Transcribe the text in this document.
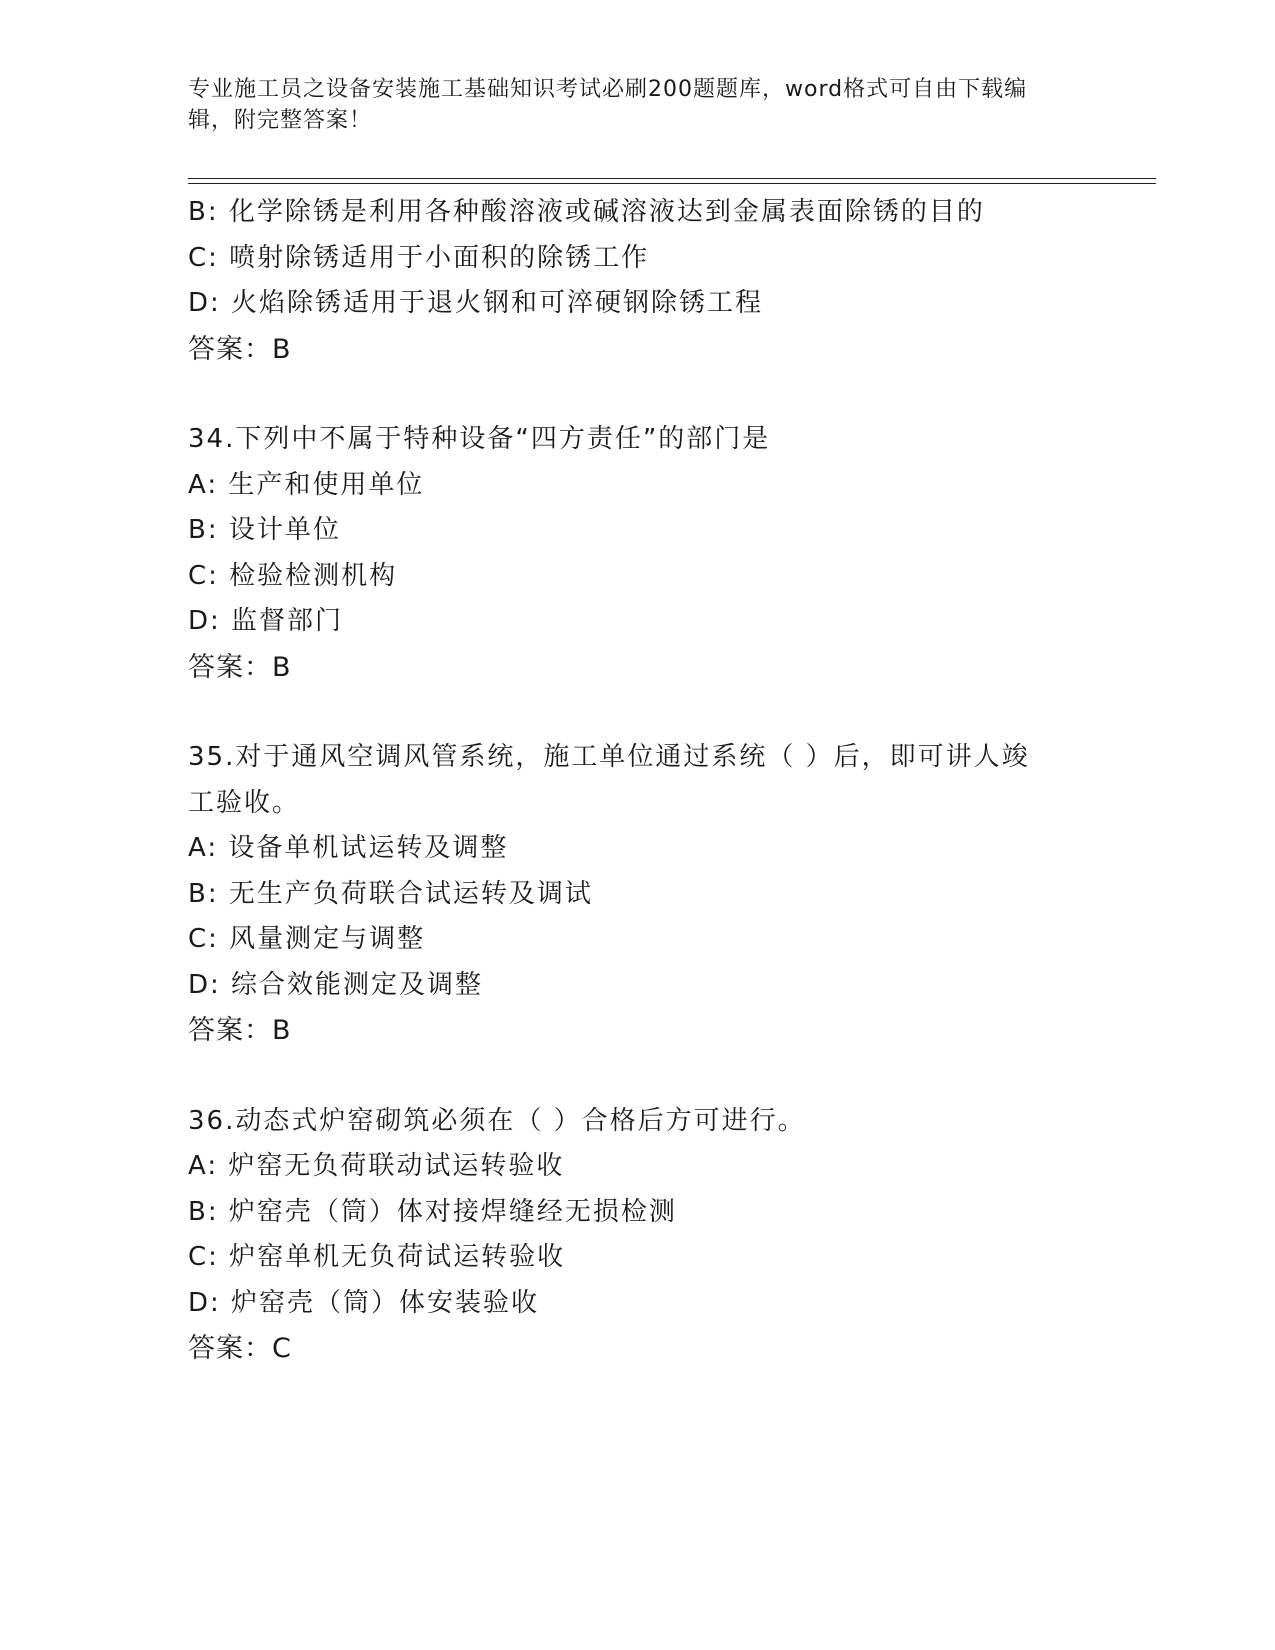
专业施工员之设备安装施工基础知识考试必刷200题题库，word格式可自由下载编辑，附完整答案！
B: 化学除锈是利用各种酸溶液或碱溶液达到金属表面除锈的目的
C: 喷射除锈适用于小面积的除锈工作
D: 火焰除锈适用于退火钢和可淬硬钢除锈工程
答案：B
34.下列中不属于特种设备“四方责任”的部门是
A: 生产和使用单位
B: 设计单位
C: 检验检测机构
D: 监督部门
答案：B
35.对于通风空调风管系统，施工单位通过系统（ ）后，即可讲人竣
工验收。
A: 设备单机试运转及调整
B: 无生产负荷联合试运转及调试
C: 风量测定与调整
D: 综合效能测定及调整
答案：B
36.动态式炉窑砌筑必须在（ ）合格后方可进行。
A: 炉窑无负荷联动试运转验收
B: 炉窑壳（筒）体对接焊缝经无损检测
C: 炉窑单机无负荷试运转验收
D: 炉窑壳（筒）体安装验收
答案：C
